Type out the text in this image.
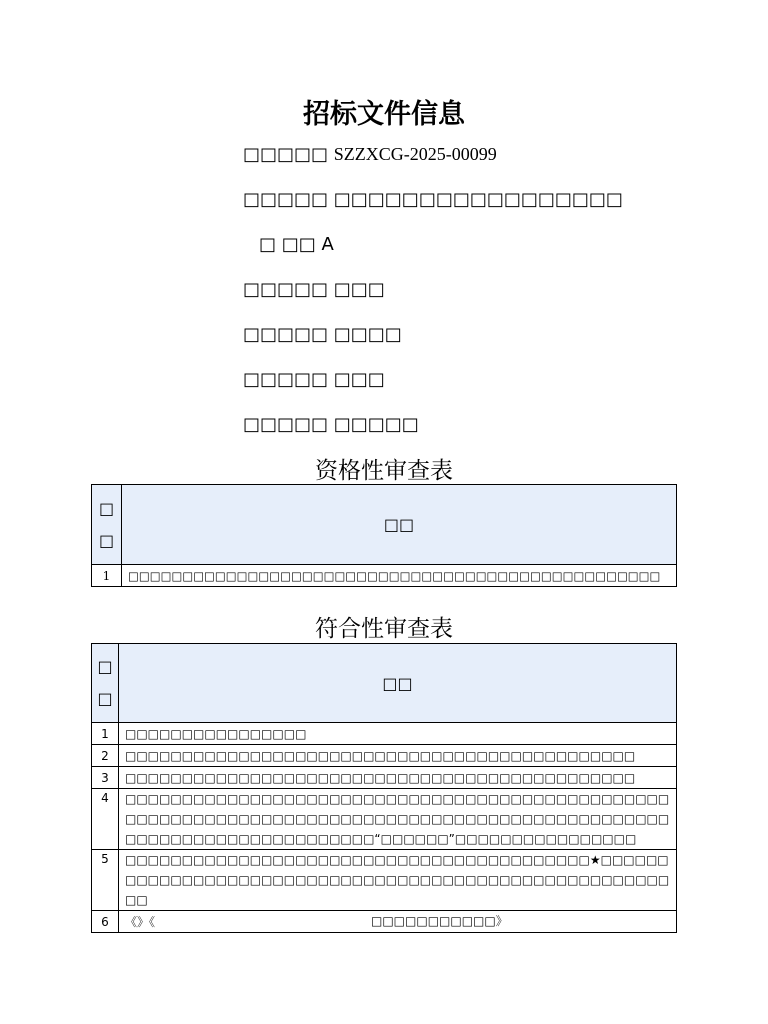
招标文件信息
□□□□□ SZZXCG-2025-00099
□□□□□ □□□□□□□□□□□□□□□□□
□ □□ A
□□□□□ □□□
□□□□□ □□□□
□□□□□ □□□
□□□□□ □□□□□
资格性审查表
□□	□□
1	□□□□□□□□□□□□□□□□□□□□□□□□□□□□□□□□□□□□□□□□□□□□□□□□□
符合性审查表
□□	□□
1	□□□□□□□□□□□□□□□□
2	□□□□□□□□□□□□□□□□□□□□□□□□□□□□□□□□□□□□□□□□□□□□□
3	□□□□□□□□□□□□□□□□□□□□□□□□□□□□□□□□□□□□□□□□□□□□□
4	□□□□□□□□□□□□□□□□□□□□□□□□□□□□□□□□□□□□□□□□□□□□□□□□□□□□□□□□□□□□□□□□□□□□□□□□□□□□□□□□□□□□□□□□□□□□□□□□□□□□□□□□□□□□□□□□□□□□□□“□□□□□□”□□□□□□□□□□□□□□□□
5	□□□□□□□□□□□□□□□□□□□□□□□□□□□□□□□□□□□□□□□□□★□□□□□□□□□□□□□□□□□□□□□□□□□□□□□□□□□□□□□□□□□□□□□□□□□□□□□□□□
6	《》《 □□□□□□□□□□□》
